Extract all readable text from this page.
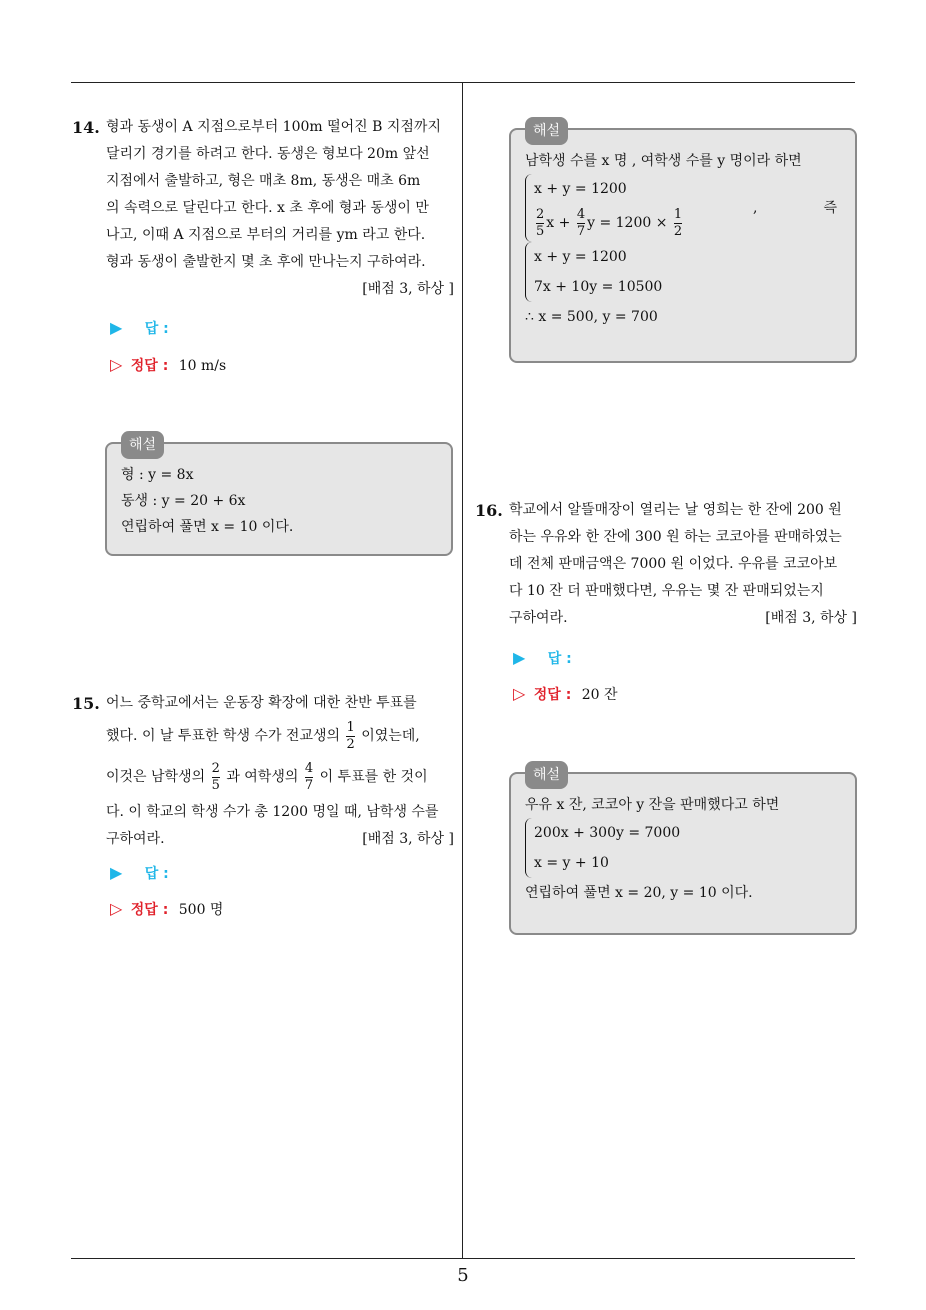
5
14. 형과 동생이 A 지점으로부터 100m 떨어진 B 지점까지
달리기 경기를 하려고 한다. 동생은 형보다 20m 앞선
지점에서 출발하고, 형은 매초 8m, 동생은 매초 6m
의 속력으로 달린다고 한다. x 초 후에 형과 동생이 만
나고, 이때 A 지점으로 부터의 거리를 ym 라고 한다.
형과 동생이 출발한지 몇 초 후에 만나는지 구하여라.
[배점 3, 하상 ]
▶ 답 :
▷ 정답 : 10 m/s
해설
형 : y = 8x
동생 : y = 20 + 6x
연립하여 풀면 x = 10 이다.
15. 어느 중학교에서는 운동장 확장에 대한 찬반 투표를
했다. 이 날 투표한 학생 수가 전교생의 $\frac{1}{2}$ 이였는데,
이것은 남학생의 $\frac{2}{5}$ 과 여학생의 $\frac{4}{7}$ 이 투표를 한 것이
다. 이 학교의 학생 수가 총 1200 명일 때, 남학생 수를
구하여라.	[배점 3, 하상 ]
▶ 답 :
▷ 정답 : 500 명
해설
남학생 수를 x 명 , 여학생 수를 y 명이라 하면
x + y = 1200
$\frac{2}{5}$ $x + \frac{4}{7}$ $y = 1200 \times \frac{1}{2}$	,	즉
x + y = 1200
7x + 10y = 10500
∴ x = 500, y = 700
16. 학교에서 알뜰매장이 열리는 날 영희는 한 잔에 200 원
하는 우유와 한 잔에 300 원 하는 코코아를 판매하였는
데 전체 판매금액은 7000 원 이었다. 우유를 코코아보
다 10 잔 더 판매했다면, 우유는 몇 잔 판매되었는지
구하여라.	[배점 3, 하상 ]
▶ 답 :
▷ 정답 : 20 잔
해설
우유 x 잔, 코코아 y 잔을 판매했다고 하면
200x + 300y = 7000
x = y + 10
연립하여 풀면 x = 20, y = 10 이다.
